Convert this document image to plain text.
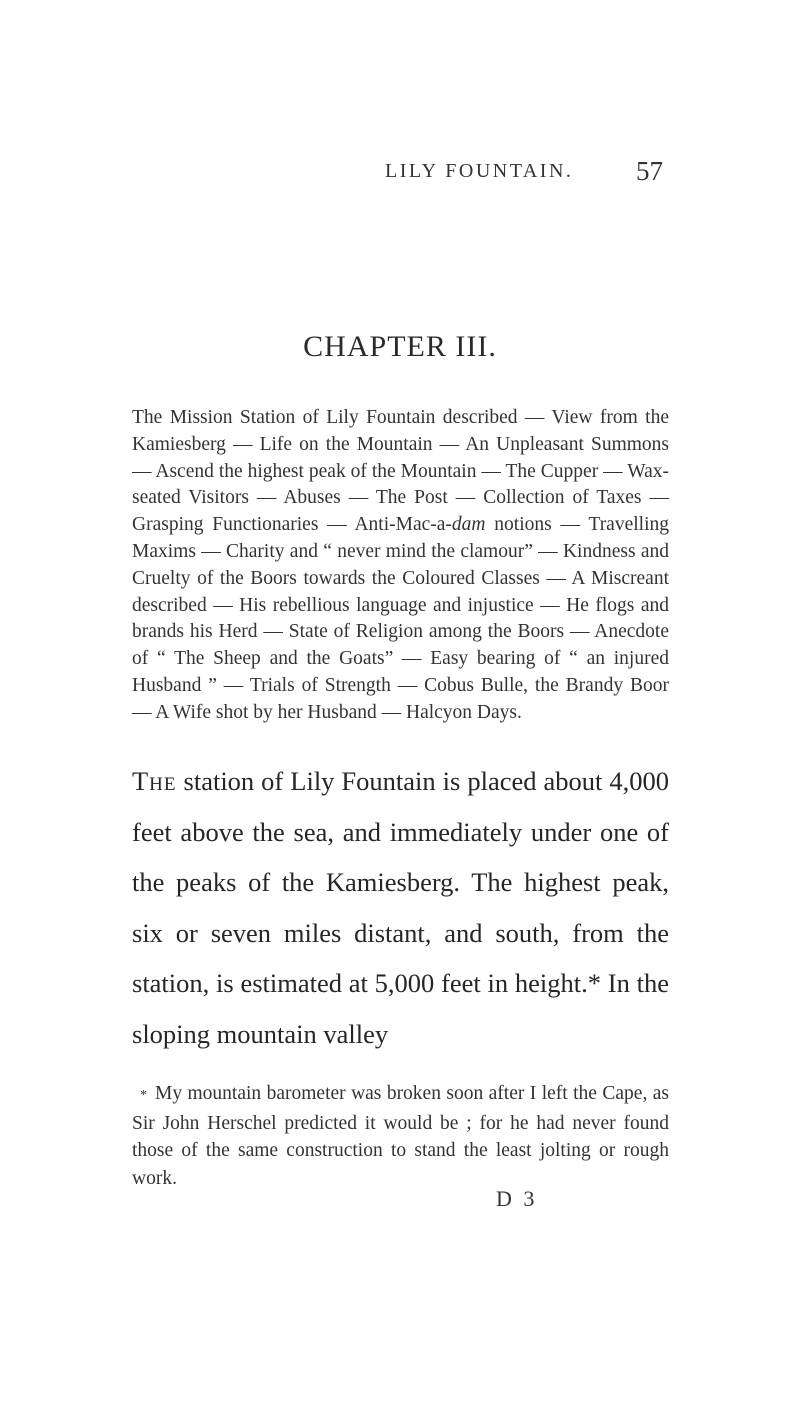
LILY FOUNTAIN. 57
CHAPTER III.

The Mission Station of Lily Fountain described — View from the Kamiesberg — Life on the Mountain — An Unpleasant Summons — Ascend the highest peak of the Mountain — The Cupper — Wax-seated Visitors — Abuses — The Post — Collection of Taxes — Grasping Functionaries — Anti-Mac-a-dam notions — Travelling Maxims — Charity and “ never mind the clamour” — Kindness and Cruelty of the Boors towards the Coloured Classes — A Miscreant described — His rebellious language and injustice — He flogs and brands his Herd — State of Religion among the Boors — Anecdote of “ The Sheep and the Goats” — Easy bearing of “ an injured Husband ” — Trials of Strength — Cobus Bulle, the Brandy Boor — A Wife shot by her Husband — Halcyon Days.

The station of Lily Fountain is placed about 4,000 feet above the sea, and immediately under one of the peaks of the Kamiesberg. The highest peak, six or seven miles distant, and south, from the station, is estimated at 5,000 feet in height.* In the sloping mountain valley

* My mountain barometer was broken soon after I left the Cape, as Sir John Herschel predicted it would be ; for he had never found those of the same construction to stand the least jolting or rough work.

D 3
